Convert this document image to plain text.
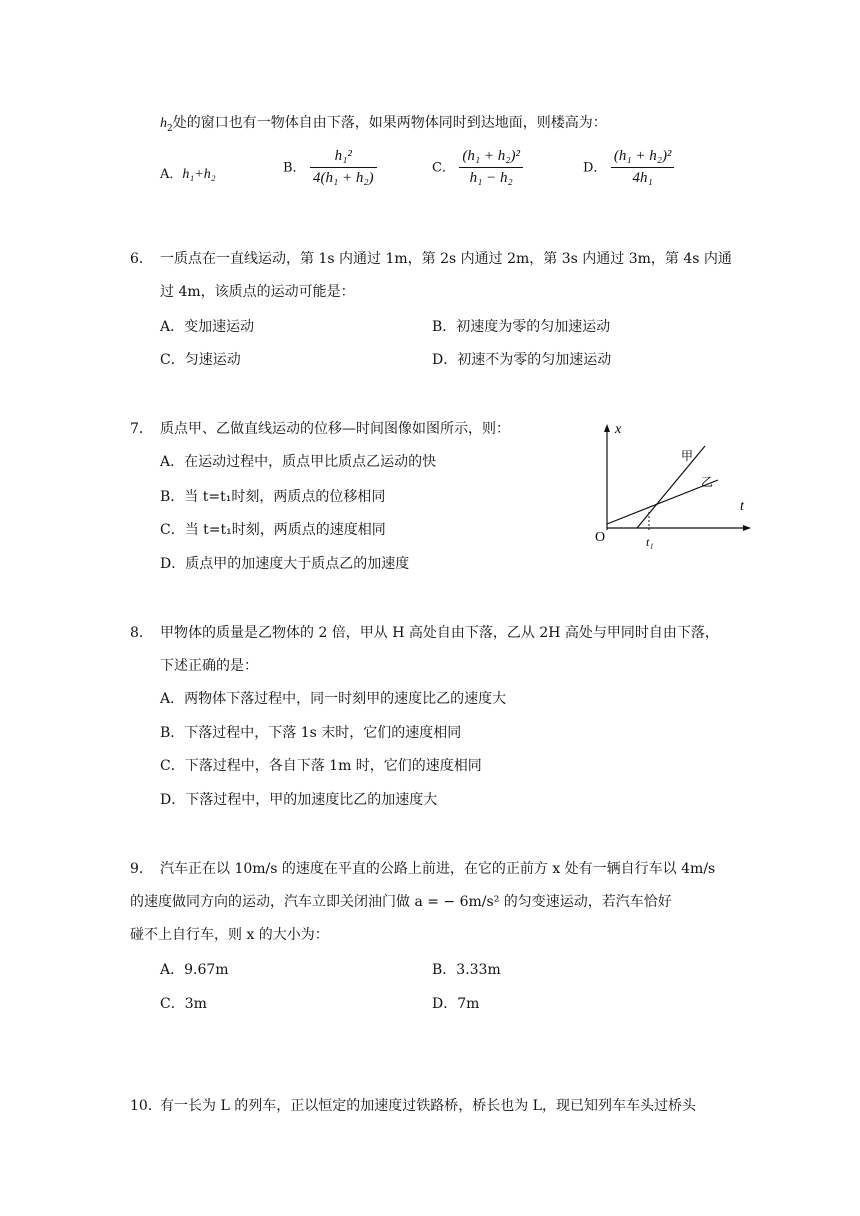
$h_2$处的窗口也有一物体自由下落，如果两物体同时到达地面，则楼高为：
A．h₁+h₂	B． $\frac{\text{h₁²}}{\text{4(h₁ + h₂)}}$	C． $\frac{\text{(h₁ + h₂)²}}{\text{h₁ − h₂}}$	D． $\frac{\text{(h₁ + h₂)²}}{\text{4h₁}}$
6． 一质点在一直线运动，第 1s 内通过 1m，第 2s 内通过 2m，第 3s 内通过 3m，第 4s 内通
过 4m，该质点的运动可能是：
A．变加速运动	B．初速度为零的匀加速运动
C．匀速运动	D．初速不为零的匀加速运动
7． 质点甲、乙做直线运动的位移—时间图像如图所示，则：
A．在运动过程中，质点甲比质点乙运动的快
B．当 t=t₁时刻，两质点的位移相同
C．当 t=t₁时刻，两质点的速度相同
D．质点甲的加速度大于质点乙的加速度
x
t
O	t₁
甲
乙
8． 甲物体的质量是乙物体的 2 倍，甲从 H 高处自由下落，乙从 2H 高处与甲同时自由下落，
下述正确的是：
A．两物体下落过程中，同一时刻甲的速度比乙的速度大
B．下落过程中，下落 1s 末时，它们的速度相同
C．下落过程中，各自下落 1m 时，它们的速度相同
D．下落过程中，甲的加速度比乙的加速度大
9． 汽车正在以 10m/s 的速度在平直的公路上前进，在它的正前方 x 处有一辆自行车以 4m/s
的速度做同方向的运动，汽车立即关闭油门做 a = − 6m/s² 的匀变速运动，若汽车恰好
碰不上自行车，则 x 的大小为：
A．9.67m	B．3.33m
C．3m	D．7m
10．
有一长为 L 的列车，正以恒定的加速度过铁路桥，桥长也为 L，现已知列车车头过桥头
